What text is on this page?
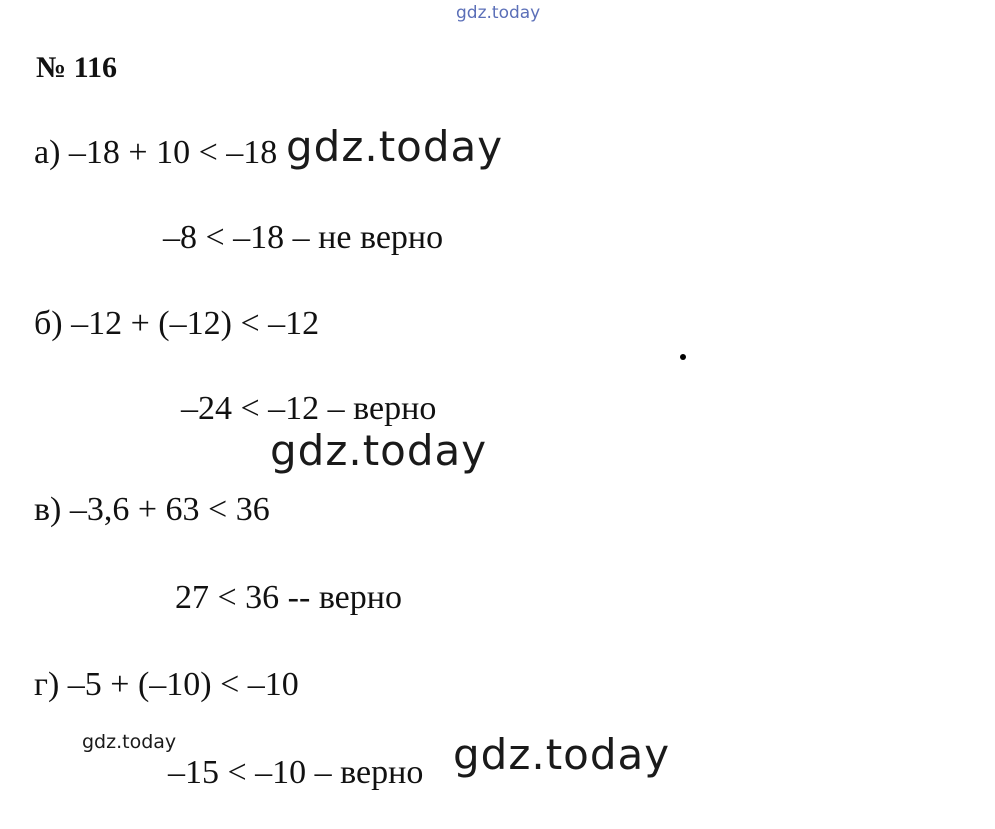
gdz.today
№ 116
а) –18 + 10 < –18 gdz.today
–8 < –18 – не верно
б) –12 + (–12) < –12
–24 < –12 – верно
gdz.today
в) –3,6 + 63 < 36
27 < 36 -- верно
г) –5 + (–10) < –10
gdz.today
–15 < –10 – верно gdz.today
